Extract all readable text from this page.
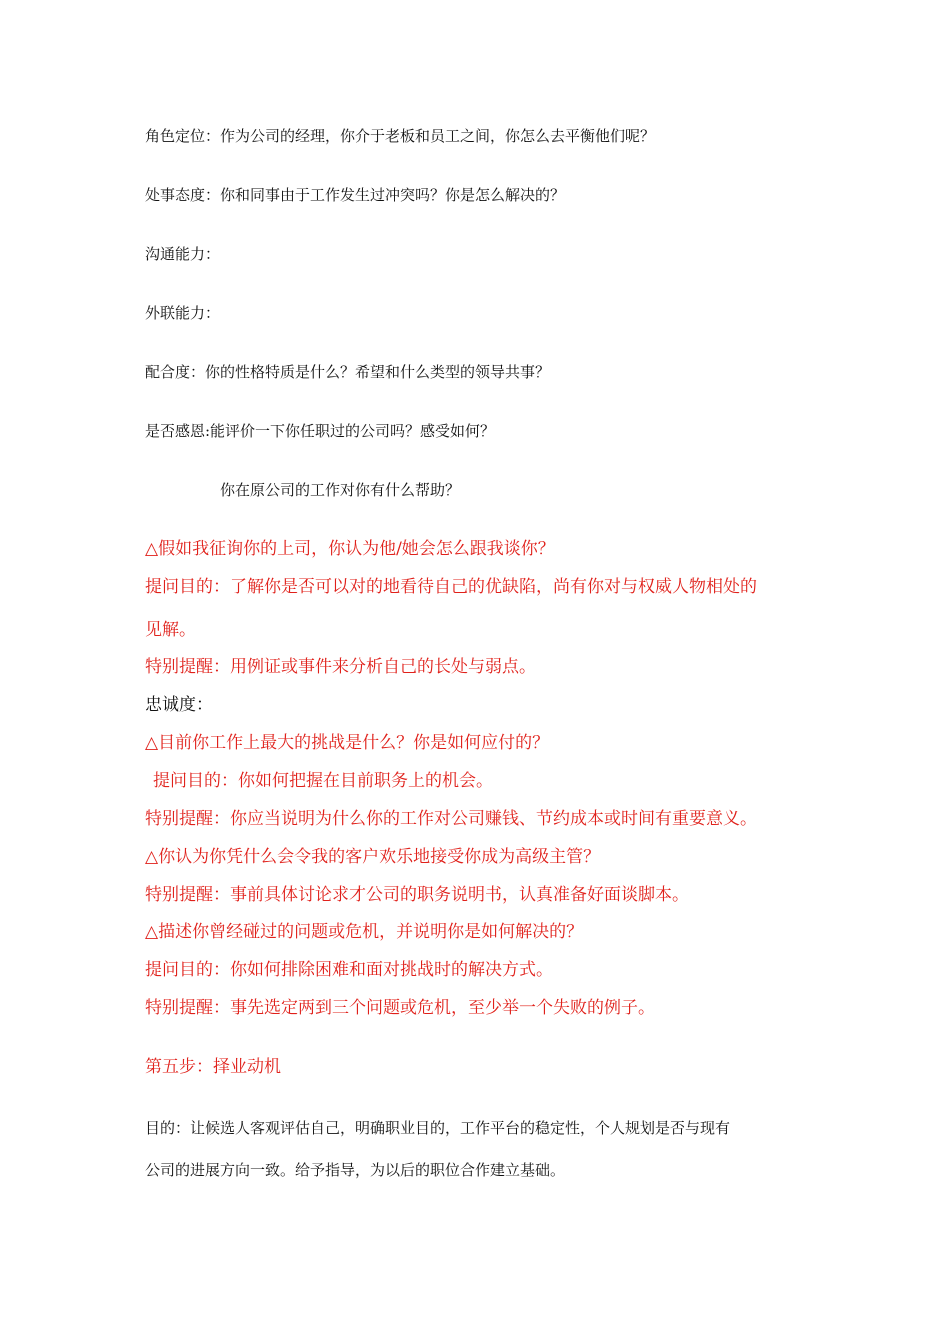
角色定位：作为公司的经理，你介于老板和员工之间，你怎么去平衡他们呢？
处事态度：你和同事由于工作发生过冲突吗？你是怎么解决的？
沟通能力：
外联能力：
配合度：你的性格特质是什么？希望和什么类型的领导共事？
是否感恩:能评价一下你任职过的公司吗？感受如何？
你在原公司的工作对你有什么帮助？
△假如我征询你的上司，你认为他/她会怎么跟我谈你？
提问目的：了解你是否可以对的地看待自己的优缺陷，尚有你对与权威人物相处的
见解。
特别提醒：用例证或事件来分析自己的长处与弱点。
忠诚度：
△目前你工作上最大的挑战是什么？你是如何应付的？
提问目的：你如何把握在目前职务上的机会。
特别提醒：你应当说明为什么你的工作对公司赚钱、节约成本或时间有重要意义。
△你认为你凭什么会令我的客户欢乐地接受你成为高级主管？
特别提醒：事前具体讨论求才公司的职务说明书，认真准备好面谈脚本。
△描述你曾经碰过的问题或危机，并说明你是如何解决的？
提问目的：你如何排除困难和面对挑战时的解决方式。
特别提醒：事先选定两到三个问题或危机，至少举一个失败的例子。
第五步：择业动机
目的：让候选人客观评估自己，明确职业目的，工作平台的稳定性，个人规划是否与现有
公司的进展方向一致。给予指导，为以后的职位合作建立基础。
